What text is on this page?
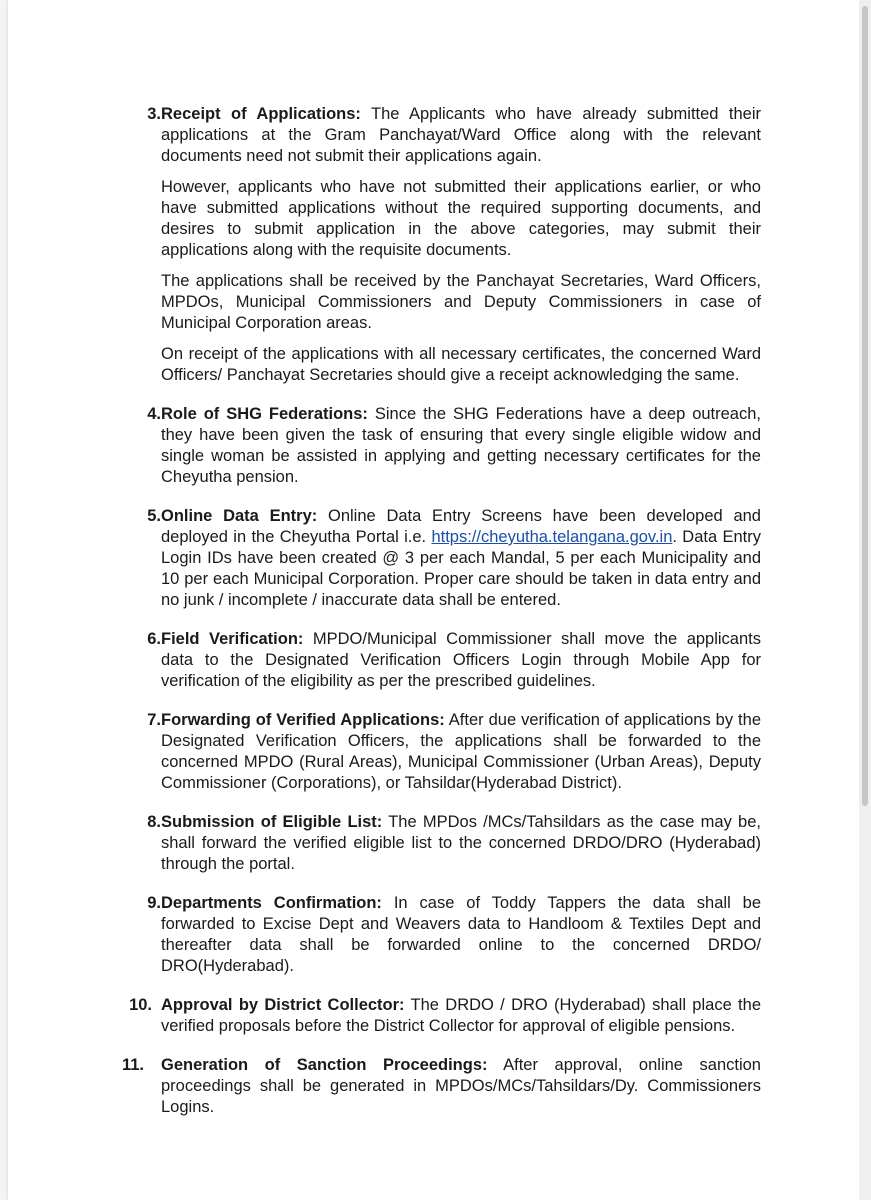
3. Receipt of Applications: The Applicants who have already submitted their applications at the Gram Panchayat/Ward Office along with the relevant documents need not submit their applications again.
However, applicants who have not submitted their applications earlier, or who have submitted applications without the required supporting documents, and desires to submit application in the above categories, may submit their applications along with the requisite documents.
The applications shall be received by the Panchayat Secretaries, Ward Officers, MPDOs, Municipal Commissioners and Deputy Commissioners in case of Municipal Corporation areas.
On receipt of the applications with all necessary certificates, the concerned Ward Officers/ Panchayat Secretaries should give a receipt acknowledging the same.
4. Role of SHG Federations: Since the SHG Federations have a deep outreach, they have been given the task of ensuring that every single eligible widow and single woman be assisted in applying and getting necessary certificates for the Cheyutha pension.
5. Online Data Entry: Online Data Entry Screens have been developed and deployed in the Cheyutha Portal i.e. https://cheyutha.telangana.gov.in. Data Entry Login IDs have been created @ 3 per each Mandal, 5 per each Municipality and 10 per each Municipal Corporation. Proper care should be taken in data entry and no junk / incomplete / inaccurate data shall be entered.
6. Field Verification: MPDO/Municipal Commissioner shall move the applicants data to the Designated Verification Officers Login through Mobile App for verification of the eligibility as per the prescribed guidelines.
7. Forwarding of Verified Applications: After due verification of applications by the Designated Verification Officers, the applications shall be forwarded to the concerned MPDO (Rural Areas), Municipal Commissioner (Urban Areas), Deputy Commissioner (Corporations), or Tahsildar(Hyderabad District).
8. Submission of Eligible List: The MPDos /MCs/Tahsildars as the case may be, shall forward the verified eligible list to the concerned DRDO/DRO (Hyderabad) through the portal.
9. Departments Confirmation: In case of Toddy Tappers the data shall be forwarded to Excise Dept and Weavers data to Handloom & Textiles Dept and thereafter data shall be forwarded online to the concerned DRDO/ DRO(Hyderabad).
10. Approval by District Collector: The DRDO / DRO (Hyderabad) shall place the verified proposals before the District Collector for approval of eligible pensions.
11. Generation of Sanction Proceedings: After approval, online sanction proceedings shall be generated in MPDOs/MCs/Tahsildars/Dy. Commissioners Logins.
